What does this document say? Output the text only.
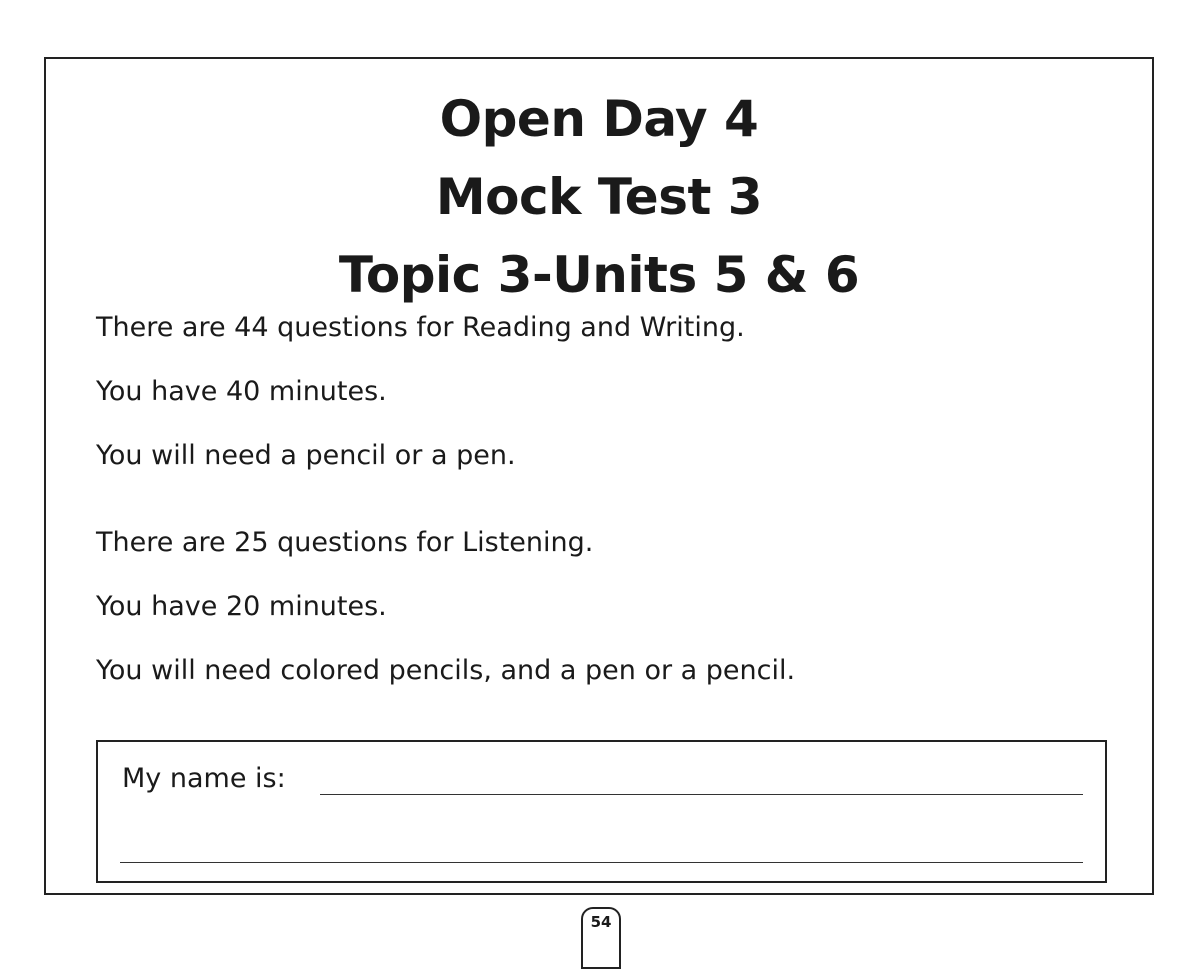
Open Day 4
Mock Test 3
Topic 3-Units 5 & 6
There are 44 questions for Reading and Writing.
You have 40 minutes.
You will need a pencil or a pen.
There are 25 questions for Listening.
You have 20 minutes.
You will need colored pencils, and a pen or a pencil.
My name is:
54
